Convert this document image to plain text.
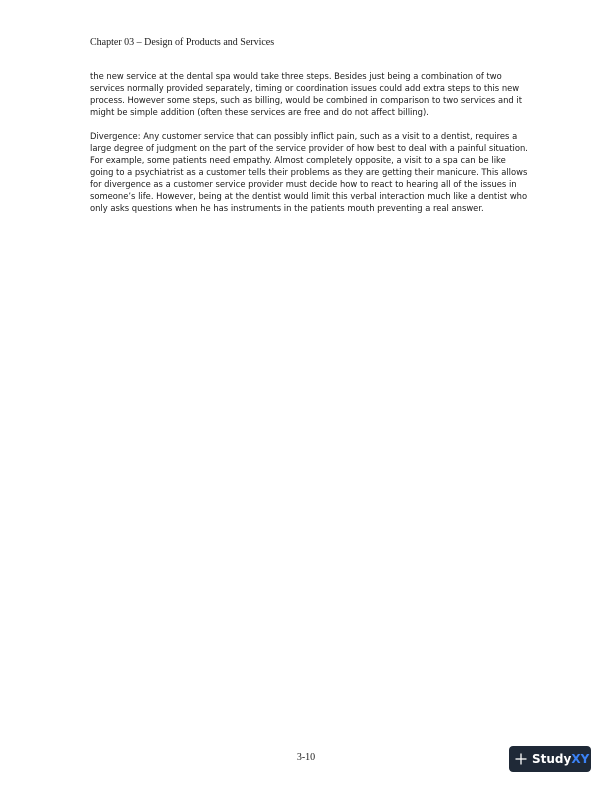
Chapter 03 – Design of Products and Services

the new service at the dental spa would take three steps. Besides just being a combination of two services normally provided separately, timing or coordination issues could add extra steps to this new process. However some steps, such as billing, would be combined in comparison to two services and it might be simple addition (often these services are free and do not affect billing).

Divergence: Any customer service that can possibly inflict pain, such as a visit to a dentist, requires a large degree of judgment on the part of the service provider of how best to deal with a painful situation. For example, some patients need empathy. Almost completely opposite, a visit to a spa can be like going to a psychiatrist as a customer tells their problems as they are getting their manicure. This allows for divergence as a customer service provider must decide how to react to hearing all of the issues in someone’s life. However, being at the dentist would limit this verbal interaction much like a dentist who only asks questions when he has instruments in the patients mouth preventing a real answer.

3-10	StudyXY
